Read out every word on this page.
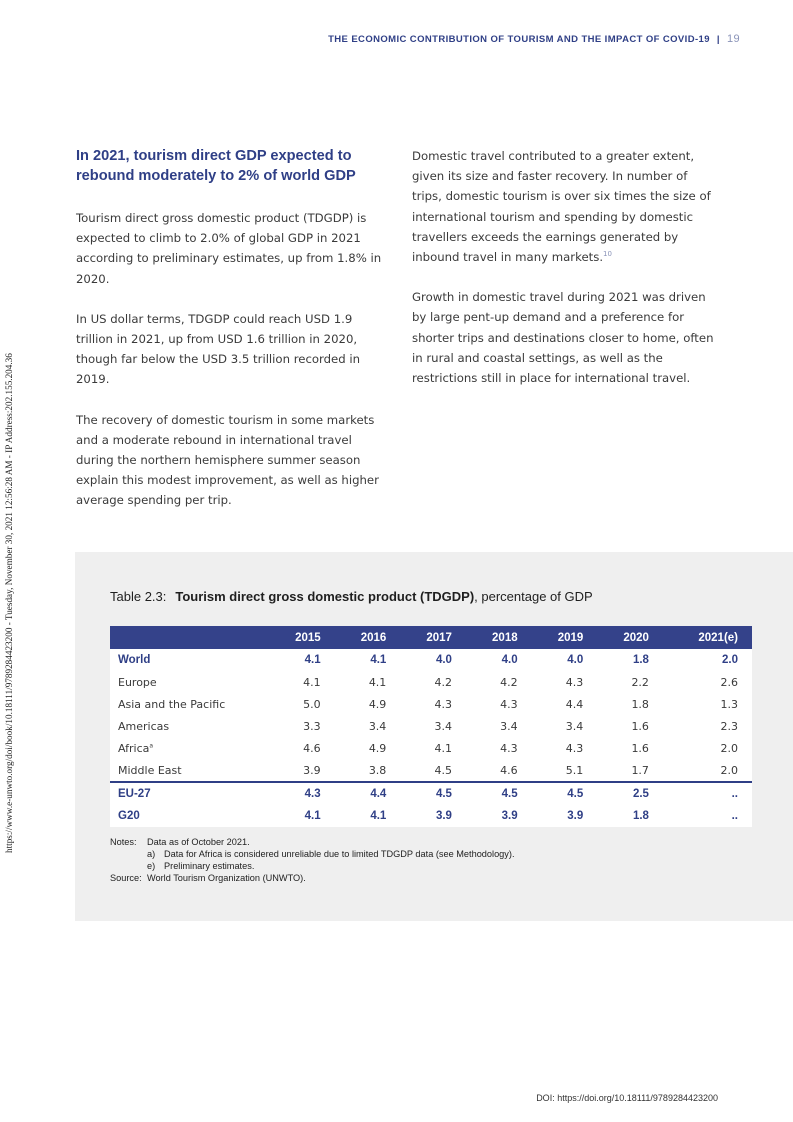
THE ECONOMIC CONTRIBUTION OF TOURISM AND THE IMPACT OF COVID-19 | 19
https://www.e-unwto.org/doi/book/10.18111/9789284423200 - Tuesday, November 30, 2021 12:56:28 AM - IP Address:202.155.204.36
In 2021, tourism direct GDP expected to rebound moderately to 2% of world GDP

Tourism direct gross domestic product (TDGDP) is expected to climb to 2.0% of global GDP in 2021 according to preliminary estimates, up from 1.8% in 2020.

In US dollar terms, TDGDP could reach USD 1.9 trillion in 2021, up from USD 1.6 trillion in 2020, though far below the USD 3.5 trillion recorded in 2019.

The recovery of domestic tourism in some markets and a moderate rebound in international travel during the northern hemisphere summer season explain this modest improvement, as well as higher average spending per trip.

Domestic travel contributed to a greater extent, given its size and faster recovery. In number of trips, domestic tourism is over six times the size of international tourism and spending by domestic travellers exceeds the earnings generated by inbound travel in many markets.$^{10}$

Growth in domestic travel during 2021 was driven by large pent-up demand and a preference for shorter trips and destinations closer to home, often in rural and coastal settings, as well as the restrictions still in place for international travel.

Table 2.3: Tourism direct gross domestic product (TDGDP), percentage of GDP
	2015	2016	2017	2018	2019	2020	2021(e)
World	4.1	4.1	4.0	4.0	4.0	1.8	2.0
Europe	4.1	4.1	4.2	4.2	4.3	2.2	2.6
Asia and the Pacific	5.0	4.9	4.3	4.3	4.4	1.8	1.3
Americas	3.3	3.4	3.4	3.4	3.4	1.6	2.3
Africa$^a$	4.6	4.9	4.1	4.3	4.3	1.6	2.0
Middle East	3.9	3.8	4.5	4.6	5.1	1.7	2.0
EU-27	4.3	4.4	4.5	4.5	4.5	2.5	..
G20	4.1	4.1	3.9	3.9	3.9	1.8	..
Notes:	Data as of October 2021.
a) Data for Africa is considered unreliable due to limited TDGDP data (see Methodology).
e) Preliminary estimates.
Source: World Tourism Organization (UNWTO).
DOI: https://doi.org/10.18111/9789284423200
